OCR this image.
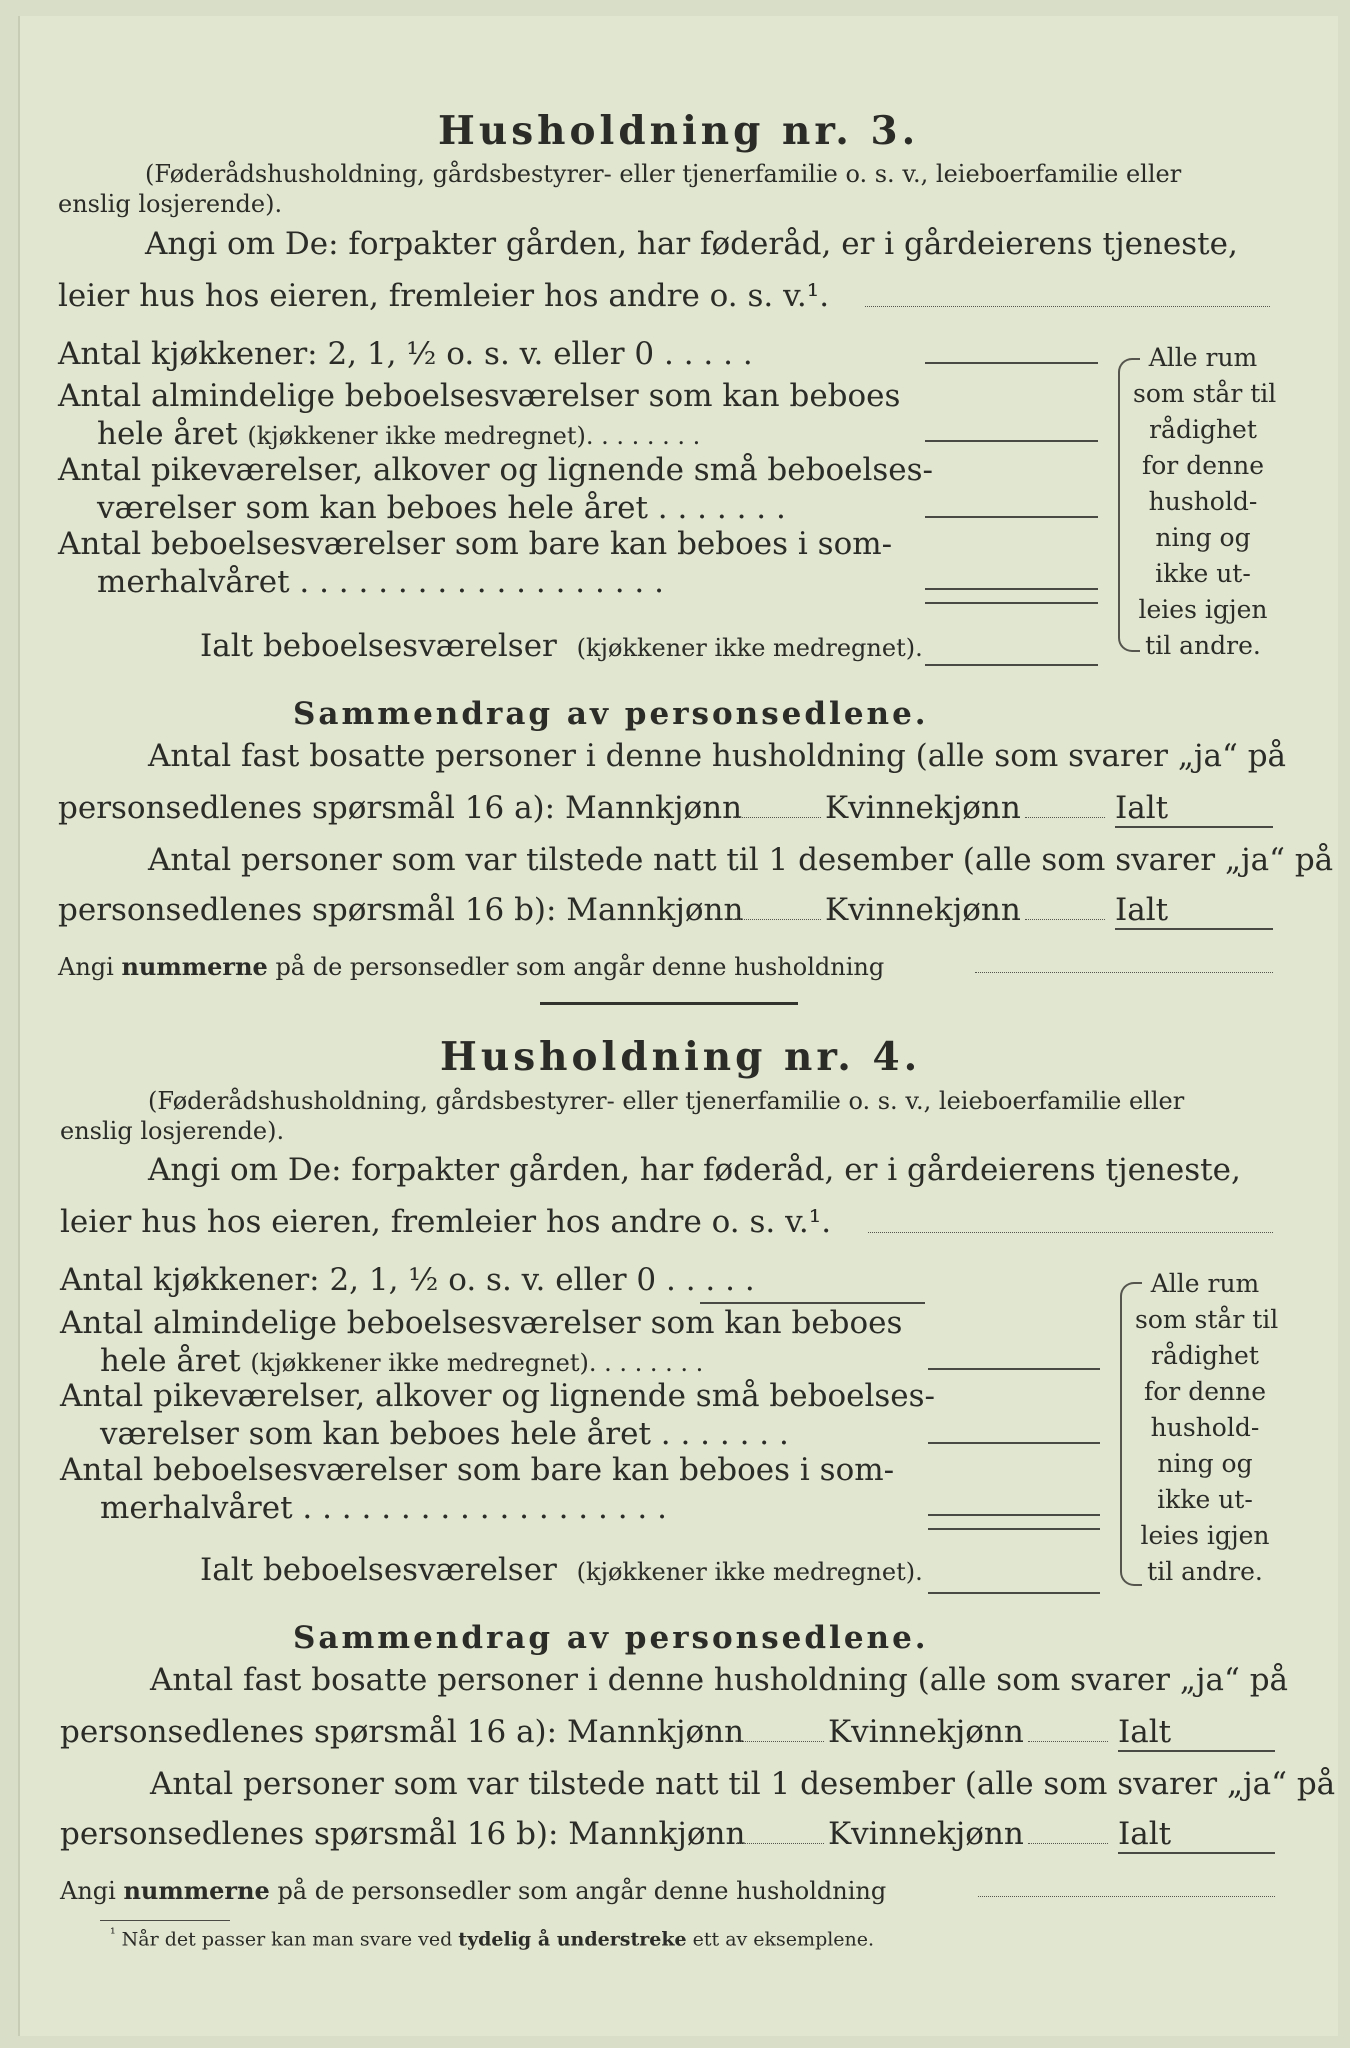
Husholdning nr. 3.
(Føderådshusholdning, gårdsbestyrer- eller tjenerfamilie o. s. v., leieboerfamilie eller
enslig losjerende).
Angi om De: forpakter gården, har føderåd, er i gårdeierens tjeneste,
leier hus hos eieren, fremleier hos andre o. s. v.¹.
Antal kjøkkener: 2, 1, ½ o. s. v. eller 0 . . . . .
Antal almindelige beboelsesværelser som kan beboes
hele året (kjøkkener ikke medregnet). . . . . . . .
Antal pikeværelser, alkover og lignende små beboelses-
værelser som kan beboes hele året . . . . . . .
Antal beboelsesværelser som bare kan beboes i som-
merhalvåret . . . . . . . . . . . . . . . . . . .
Ialt beboelsesværelser (kjøkkener ikke medregnet).
Alle rum
som står til
rådighet
for denne
hushold-
ning og
ikke ut-
leies igjen
til andre.
Sammendrag av personsedlene.
Antal fast bosatte personer i denne husholdning (alle som svarer „ja“ på
personsedlenes spørsmål 16 a): Mannkjønn	Kvinnekjønn	Ialt
Antal personer som var tilstede natt til 1 desember (alle som svarer „ja“ på
personsedlenes spørsmål 16 b): Mannkjønn	Kvinnekjønn	Ialt
Angi nummerne på de personsedler som angår denne husholdning
Husholdning nr. 4.
(Føderådshusholdning, gårdsbestyrer- eller tjenerfamilie o. s. v., leieboerfamilie eller
enslig losjerende).
Angi om De: forpakter gården, har føderåd, er i gårdeierens tjeneste,
leier hus hos eieren, fremleier hos andre o. s. v.¹.
Antal kjøkkener: 2, 1, ½ o. s. v. eller 0 . . . . .
Antal almindelige beboelsesværelser som kan beboes
hele året (kjøkkener ikke medregnet). . . . . . . .
Antal pikeværelser, alkover og lignende små beboelses-
værelser som kan beboes hele året . . . . . . .
Antal beboelsesværelser som bare kan beboes i som-
merhalvåret . . . . . . . . . . . . . . . . . . .
Ialt beboelsesværelser (kjøkkener ikke medregnet).
Alle rum
som står til
rådighet
for denne
hushold-
ning og
ikke ut-
leies igjen
til andre.
Sammendrag av personsedlene.
Antal fast bosatte personer i denne husholdning (alle som svarer „ja“ på
personsedlenes spørsmål 16 a): Mannkjønn	Kvinnekjønn	Ialt
Antal personer som var tilstede natt til 1 desember (alle som svarer „ja“ på
personsedlenes spørsmål 16 b): Mannkjønn	Kvinnekjønn	Ialt
Angi nummerne på de personsedler som angår denne husholdning
$^{^1}$ Når det passer kan man svare ved tydelig å understreke ett av eksemplene.
